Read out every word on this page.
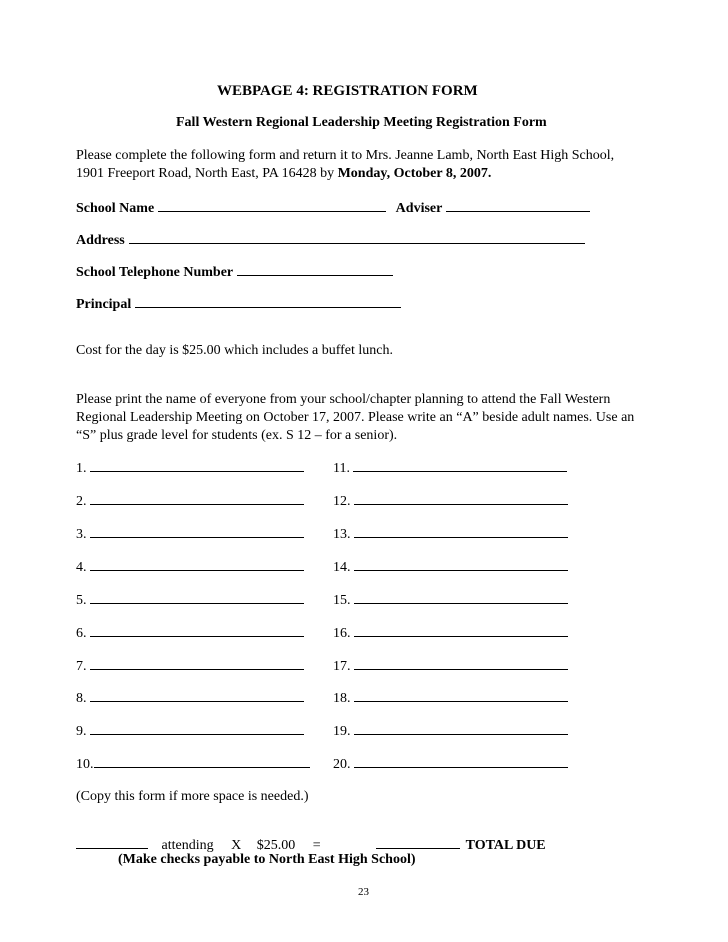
WEBPAGE 4: REGISTRATION FORM
Fall Western Regional Leadership Meeting Registration Form
Please complete the following form and return it to Mrs. Jeanne Lamb, North East High School,
1901 Freeport Road, North East, PA 16428 by Monday, October 8, 2007.
School Name	Adviser
Address
School Telephone Number
Principal
Cost for the day is $25.00 which includes a buffet lunch.
Please print the name of everyone from your school/chapter planning to attend the Fall Western
Regional Leadership Meeting on October 17, 2007. Please write an “A” beside adult names. Use an
“S” plus grade level for students (ex. S 12 – for a senior).
1.
2.
3.
4.
5.
6.
7.
8.
9.
10.
11.
12.
13.
14.
15.
16.
17.
18.
19.
20.
(Copy this form if more space is needed.)
attending X $25.00 =	TOTAL DUE
(Make checks payable to North East High School)
23
